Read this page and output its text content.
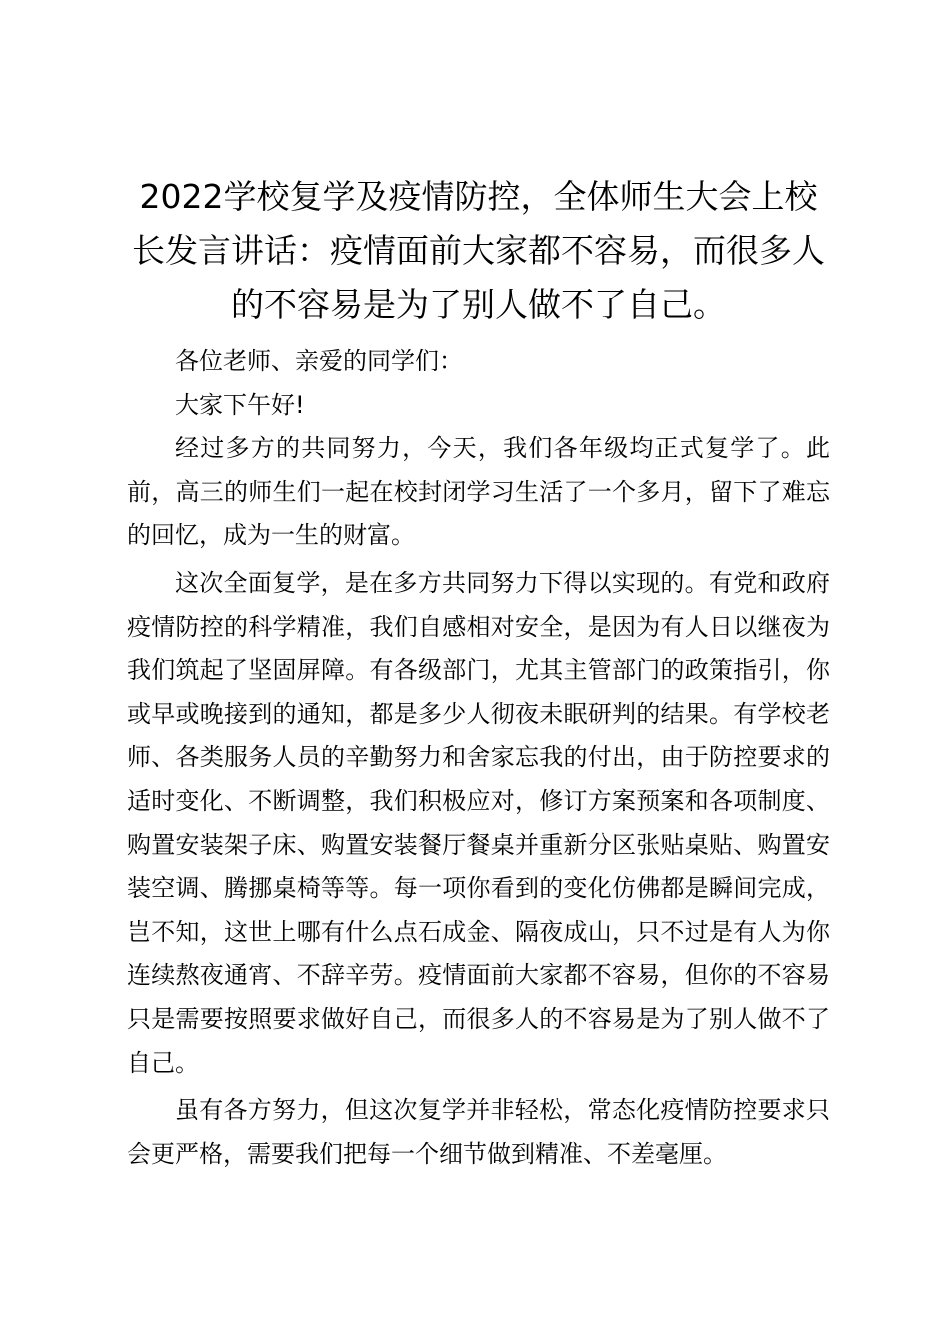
2022学校复学及疫情防控，全体师生大会上校长发言讲话：疫情面前大家都不容易，而很多人的不容易是为了别人做不了自己。

各位老师、亲爱的同学们：

大家下午好!

经过多方的共同努力，今天，我们各年级均正式复学了。此前，高三的师生们一起在校封闭学习生活了一个多月，留下了难忘的回忆，成为一生的财富。

这次全面复学，是在多方共同努力下得以实现的。有党和政府疫情防控的科学精准，我们自感相对安全，是因为有人日以继夜为我们筑起了坚固屏障。有各级部门，尤其主管部门的政策指引，你或早或晚接到的通知，都是多少人彻夜未眠研判的结果。有学校老师、各类服务人员的辛勤努力和舍家忘我的付出，由于防控要求的适时变化、不断调整，我们积极应对，修订方案预案和各项制度、购置安装架子床、购置安装餐厅餐桌并重新分区张贴桌贴、购置安装空调、腾挪桌椅等等。每一项你看到的变化仿佛都是瞬间完成，岂不知，这世上哪有什么点石成金、隔夜成山，只不过是有人为你连续熬夜通宵、不辞辛劳。疫情面前大家都不容易，但你的不容易只是需要按照要求做好自己，而很多人的不容易是为了别人做不了自己。

虽有各方努力，但这次复学并非轻松，常态化疫情防控要求只会更严格，需要我们把每一个细节做到精准、不差毫厘。
